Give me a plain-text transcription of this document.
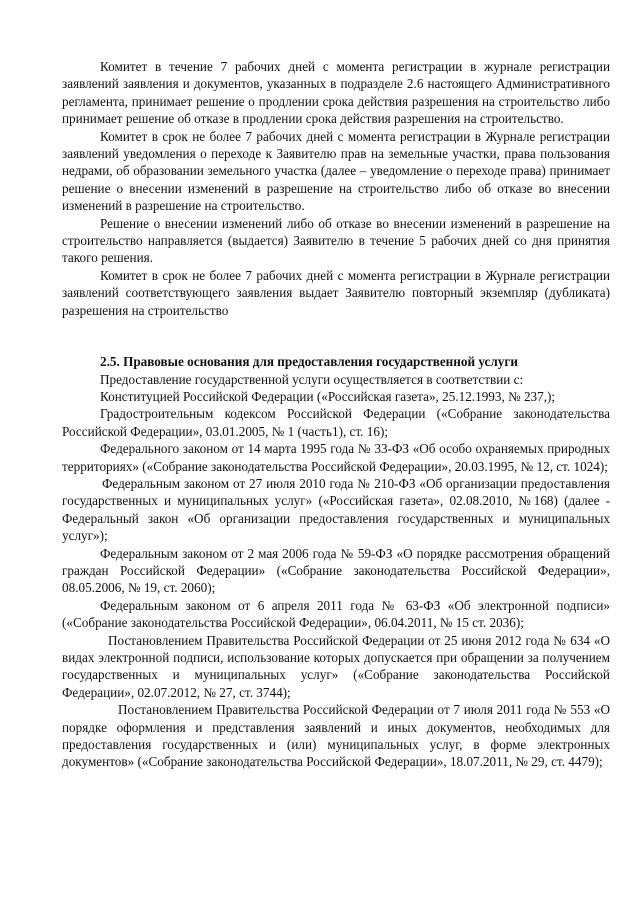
Комитет в течение 7 рабочих дней с момента регистрации в журнале регистрации заявлений заявления и документов, указанных в подразделе 2.6 настоящего Административного регламента, принимает решение о продлении срока действия разрешения на строительство либо принимает решение об отказе в продлении срока действия разрешения на строительство.

Комитет в срок не более 7 рабочих дней с момента регистрации в Журнале регистрации заявлений уведомления о переходе к Заявителю прав на земельные участки, права пользования недрами, об образовании земельного участка (далее – уведомление о переходе права) принимает решение о внесении изменений в разрешение на строительство либо об отказе во внесении изменений в разрешение на строительство.

Решение о внесении изменений либо об отказе во внесении изменений в разрешение на строительство направляется (выдается) Заявителю в течение 5 рабочих дней со дня принятия такого решения.

Комитет в срок не более 7 рабочих дней с момента регистрации в Журнале регистрации заявлений соответствующего заявления выдает Заявителю повторный экземпляр (дубликата) разрешения на строительство

2.5. Правовые основания для предоставления государственной услуги

Предоставление государственной услуги осуществляется в соответствии с:

Конституцией Российской Федерации («Российская газета», 25.12.1993, № 237,);

Градостроительным кодексом Российской Федерации («Собрание законодательства Российской Федерации», 03.01.2005, № 1 (часть1), ст. 16);

Федерального законом от 14 марта 1995 года № 33-ФЗ «Об особо охраняемых природных территориях» («Собрание законодательства Российской Федерации», 20.03.1995, № 12, ст. 1024);

Федеральным законом от 27 июля 2010 года № 210-ФЗ «Об организации предоставления государственных и муниципальных услуг» («Российская газета», 02.08.2010, №168) (далее - Федеральный закон «Об организации предоставления государственных и муниципальных услуг»);

Федеральным законом от 2 мая 2006 года № 59-ФЗ «О порядке рассмотрения обращений граждан Российской Федерации» («Собрание законодательства Российской Федерации», 08.05.2006, № 19, ст. 2060);

Федеральным законом от 6 апреля 2011 года № 63-ФЗ «Об электронной подписи» («Собрание законодательства Российской Федерации», 06.04.2011, № 15 ст. 2036);

Постановлением Правительства Российской Федерации от 25 июня 2012 года № 634 «О видах электронной подписи, использование которых допускается при обращении за получением государственных и муниципальных услуг» («Собрание законодательства Российской Федерации», 02.07.2012, № 27, ст. 3744);

Постановлением Правительства Российской Федерации от 7 июля 2011 года № 553 «О порядке оформления и представления заявлений и иных документов, необходимых для предоставления государственных и (или) муниципальных услуг, в форме электронных документов» («Собрание законодательства Российской Федерации», 18.07.2011, № 29, ст. 4479);
